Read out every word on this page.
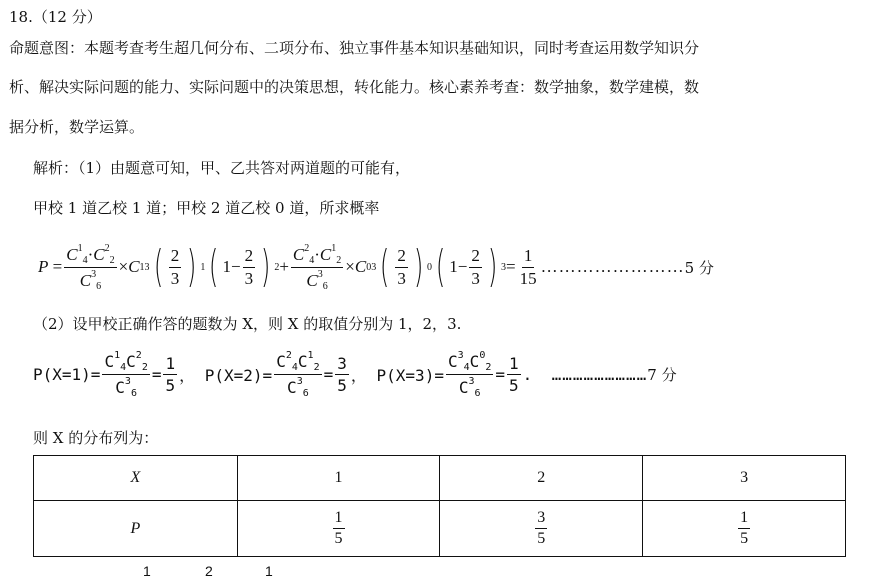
18.（12 分）
命题意图：本题考查考生超几何分布、二项分布、独立事件基本知识基础知识，同时考查运用数学知识分
析、解决实际问题的能力、实际问题中的决策思想，转化能力。核心素养考查：数学抽象，数学建模，数
据分析，数学运算。
解析：（1）由题意可知，甲、乙共答对两道题的可能有，
甲校 1 道乙校 1 道；甲校 2 道乙校 0 道，所求概率
$P = \frac{C^1_4\cdot C^2_2}{C^3_6} \times C$ 1 3 ( $\frac{2}{3}$ ) 1 ( $1- \frac{2}{3}$ ) $2 + \frac{C^2_4\cdot C^1_2}{C^3_6} \times C$ 0 3 ( $\frac{2}{3}$ ) 0 ( $1- \frac{2}{3}$ ) $3 = \frac{1}{15}$ …………………… 5 分
（2）设甲校正确作答的题数为 X，则 X 的取值分别为 1，2，3.
$P(X=1)= \frac{C^1_4C^2_2}{C^3_6} = \frac{1}{5}$ ， $P(X=2)= \frac{C^2_4C^1_2}{C^3_6} = \frac{3}{5}$ ， $P(X=3)= \frac{C^3_4C^0_2}{C^3_6} = \frac{1}{5}$ . ……………………… 7 分
则 X 的分布列为：
X	1	2	3
P	$\frac{1}{5}$	$\frac{3}{5}$	$\frac{1}{5}$
1	2	1
